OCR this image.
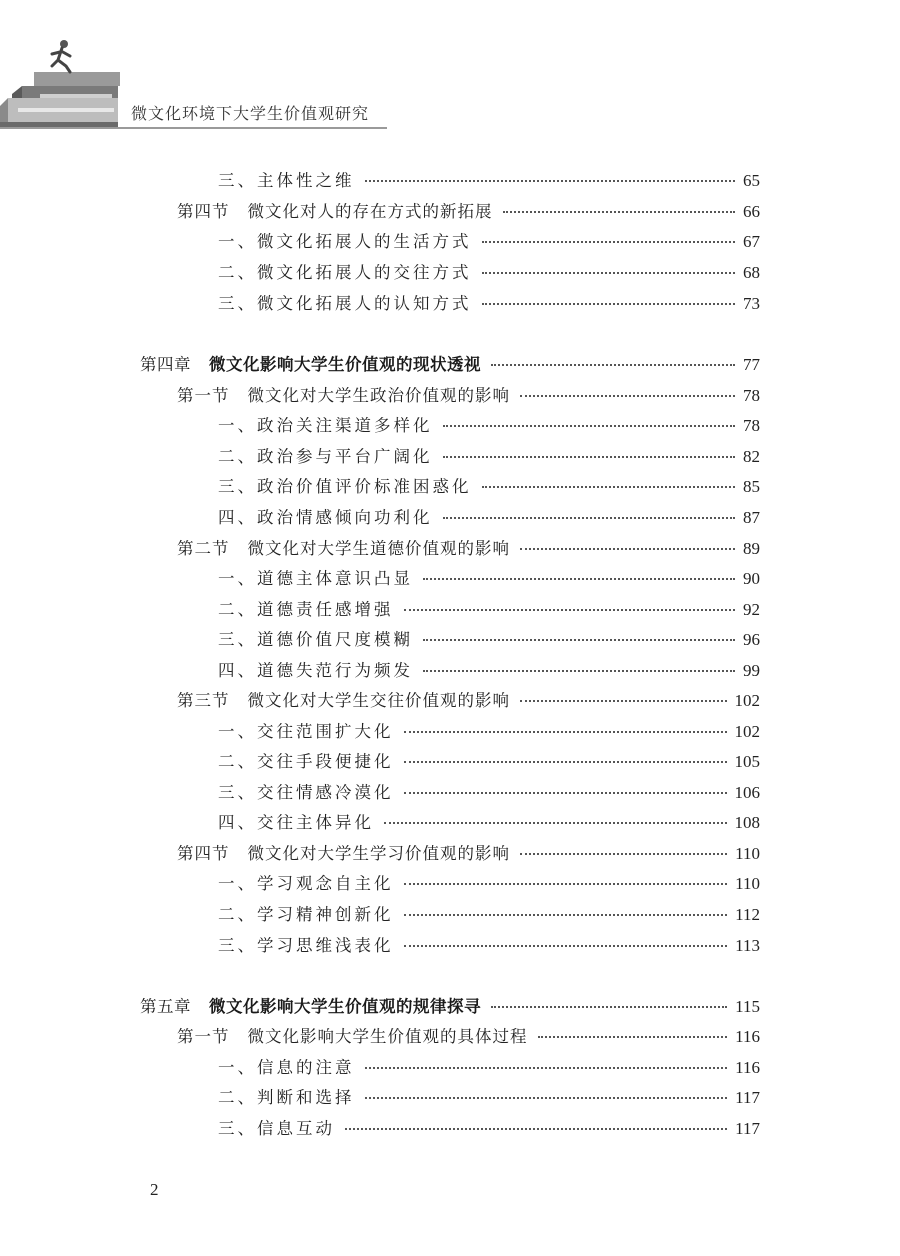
微文化环境下大学生价值观研究
三、主体性之维	65
第四节 微文化对人的存在方式的新拓展	66
一、微文化拓展人的生活方式	67
二、微文化拓展人的交往方式	68
三、微文化拓展人的认知方式	73
第四章 微文化影响大学生价值观的现状透视	77
第一节 微文化对大学生政治价值观的影响	78
一、政治关注渠道多样化	78
二、政治参与平台广阔化	82
三、政治价值评价标准困惑化	85
四、政治情感倾向功利化	87
第二节 微文化对大学生道德价值观的影响	89
一、道德主体意识凸显	90
二、道德责任感增强	92
三、道德价值尺度模糊	96
四、道德失范行为频发	99
第三节 微文化对大学生交往价值观的影响	102
一、交往范围扩大化	102
二、交往手段便捷化	105
三、交往情感冷漠化	106
四、交往主体异化	108
第四节 微文化对大学生学习价值观的影响	110
一、学习观念自主化	110
二、学习精神创新化	112
三、学习思维浅表化	113
第五章 微文化影响大学生价值观的规律探寻	115
第一节 微文化影响大学生价值观的具体过程	116
一、信息的注意	116
二、判断和选择	117
三、信息互动	117
2
